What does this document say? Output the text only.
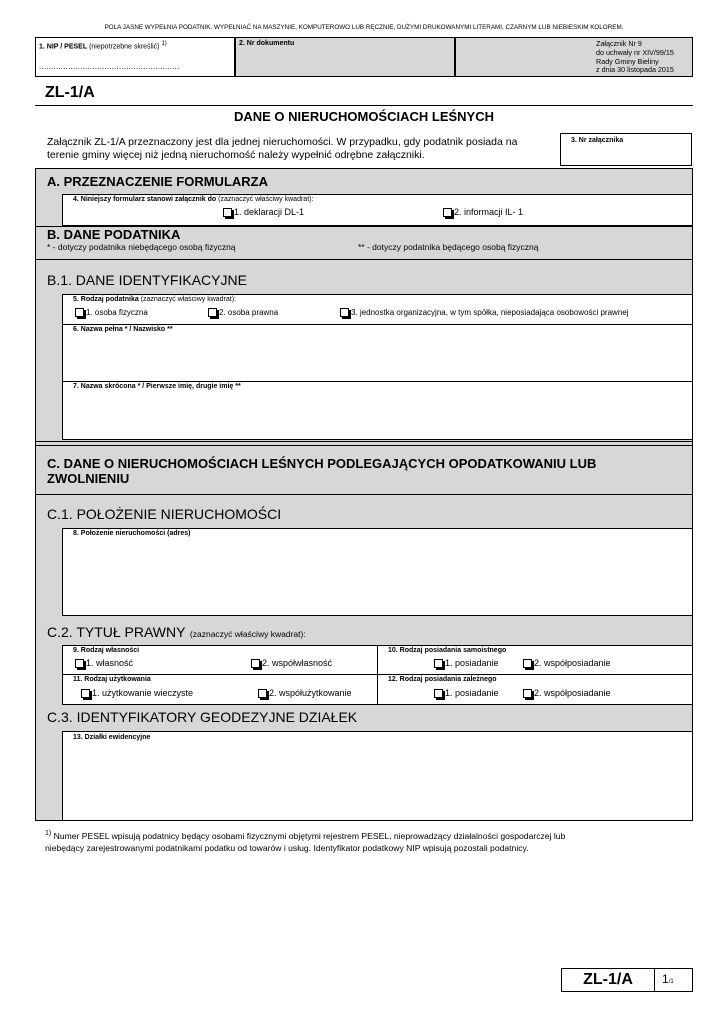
POLA JASNE WYPEŁNIA PODATNIK. WYPEŁNIAĆ NA MASZYNIE, KOMPUTEROWO LUB RĘCZNIE, DUŻYMI DRUKOWANYMI LITERAMI, CZARNYM LUB NIEBIESKIM KOLOREM.
1. NIP / PESEL (niepotrzebne skreślić) $^{1)}$
..........................................................
2. Nr dokumentu	Załącznik Nr 9
do uchwały nr XIV/99/15
Rady Gminy Bieliny
z dnia 30 listopada 2015
ZL-1/A
DANE O NIERUCHOMOŚCIACH LEŚNYCH
Załącznik ZL-1/A przeznaczony jest dla jednej nieruchomości. W przypadku, gdy podatnik posiada na
terenie gminy więcej niż jedną nieruchomość należy wypełnić odrębne załączniki.
3. Nr załącznika
A. PRZEZNACZENIE FORMULARZA
4. Niniejszy formularz stanowi załącznik do (zaznaczyć właściwy kwadrat):
1. deklaracji DL-1	2. informacji IL- 1
B. DANE PODATNIKA
* - dotyczy podatnika niebędącego osobą fizyczną	** - dotyczy podatnika będącego osobą fizyczną
B.1. DANE IDENTYFIKACYJNE
5. Rodzaj podatnika (zaznaczyć właściwy kwadrat):
1. osoba fizyczna	2. osoba prawna	3. jednostka organizacyjna, w tym spółka, nieposiadająca osobowości prawnej
6. Nazwa pełna * / Nazwisko **
7. Nazwa skrócona * / Pierwsze imię, drugie imię **
C. DANE O NIERUCHOMOŚCIACH LEŚNYCH PODLEGAJĄCYCH OPODATKOWANIU LUB
ZWOLNIENIU
C.1. POŁOŻENIE NIERUCHOMOŚCI
8. Położenie nieruchomości (adres)
C.2. TYTUŁ PRAWNY (zaznaczyć właściwy kwadrat):
9. Rodzaj własności
1. własność	2. współwłasność
10. Rodzaj posiadania samoistnego
1. posiadanie	2. współposiadanie
11. Rodzaj użytkowania
1. użytkowanie wieczyste	2. współużytkowanie
12. Rodzaj posiadania zależnego
1. posiadanie	2. współposiadanie
C.3. IDENTYFIKATORY GEODEZYJNE DZIAŁEK
13. Działki ewidencyjne
$^{1)}$ Numer PESEL wpisują podatnicy będący osobami fizycznymi objętymi rejestrem PESEL, nieprowadzący działalności gospodarczej lub
niebędący zarejestrowanymi podatnikami podatku od towarów i usług. Identyfikator podatkowy NIP wpisują pozostali podatnicy.
ZL-1/A	1/1
